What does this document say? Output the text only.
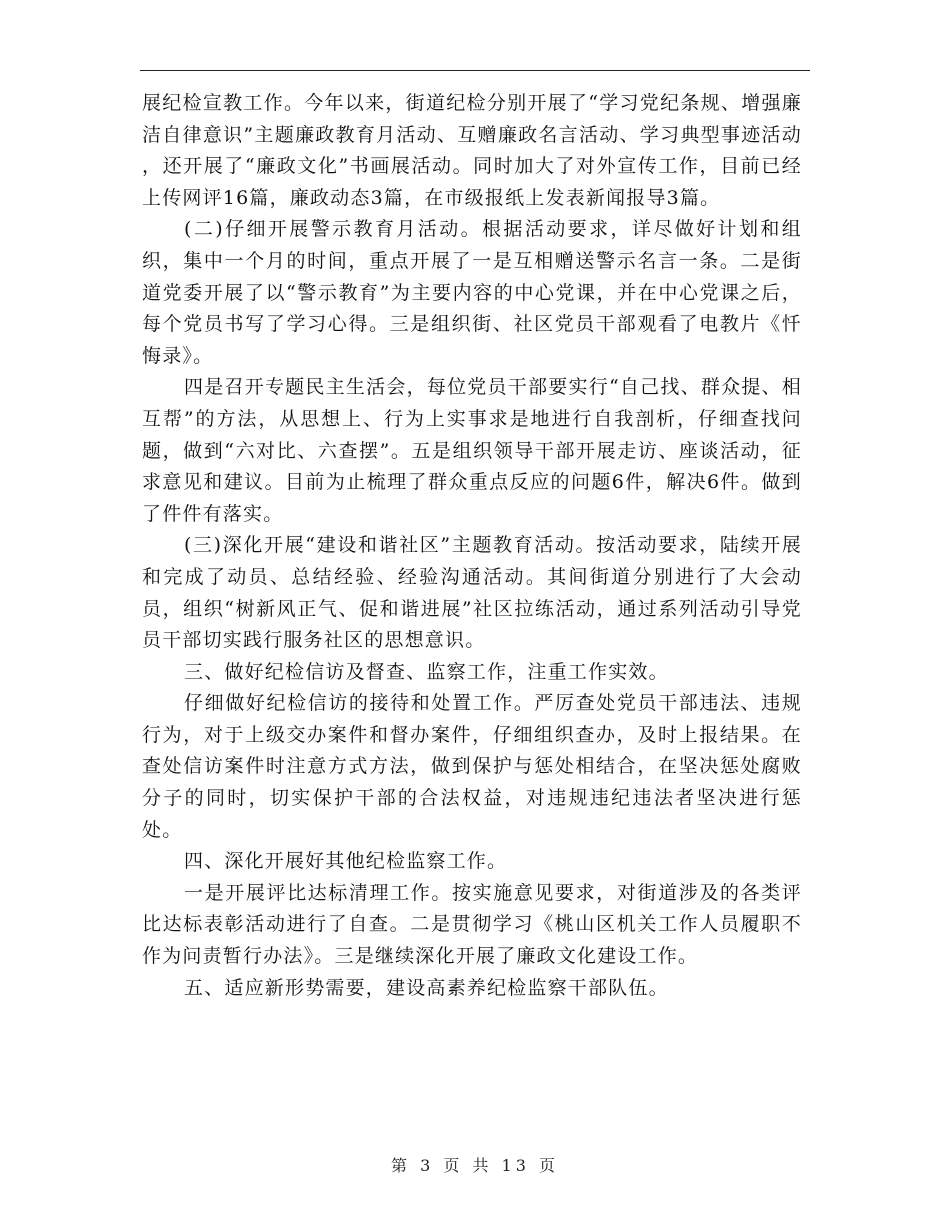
展纪检宣教工作。今年以来，街道纪检分别开展了“学习党纪条规、增强廉洁自律意识”主题廉政教育月活动、互赠廉政名言活动、学习典型事迹活动 ，还开展了“廉政文化”书画展活动。同时加大了对外宣传工作，目前已经上传网评16篇，廉政动态3篇，在市级报纸上发表新闻报导3篇。

(二)仔细开展警示教育月活动。根据活动要求，详尽做好计划和组织，集中一个月的时间，重点开展了一是互相赠送警示名言一条。二是街道党委开展了以“警示教育”为主要内容的中心党课，并在中心党课之后，每个党员书写了学习心得。三是组织街、社区党员干部观看了电教片《忏悔录》。

四是召开专题民主生活会，每位党员干部要实行“自己找、群众提、相互帮”的方法，从思想上、行为上实事求是地进行自我剖析，仔细查找问题，做到“六对比、六查摆”。五是组织领导干部开展走访、座谈活动，征求意见和建议。目前为止梳理了群众重点反应的问题6件，解决6件。做到了件件有落实。

(三)深化开展“建设和谐社区”主题教育活动。按活动要求，陆续开展和完成了动员、总结经验、经验沟通活动。其间街道分别进行了大会动员，组织“树新风正气、促和谐进展”社区拉练活动，通过系列活动引导党员干部切实践行服务社区的思想意识。

三、做好纪检信访及督查、监察工作，注重工作实效。

仔细做好纪检信访的接待和处置工作。严厉查处党员干部违法、违规行为，对于上级交办案件和督办案件，仔细组织查办，及时上报结果。在查处信访案件时注意方式方法，做到保护与惩处相结合，在坚决惩处腐败分子的同时，切实保护干部的合法权益，对违规违纪违法者坚决进行惩处。

四、深化开展好其他纪检监察工作。

一是开展评比达标清理工作。按实施意见要求，对街道涉及的各类评比达标表彰活动进行了自查。二是贯彻学习《桃山区机关工作人员履职不作为问责暂行办法》。三是继续深化开展了廉政文化建设工作。

五、适应新形势需要，建设高素养纪检监察干部队伍。

第 3 页 共 13 页
